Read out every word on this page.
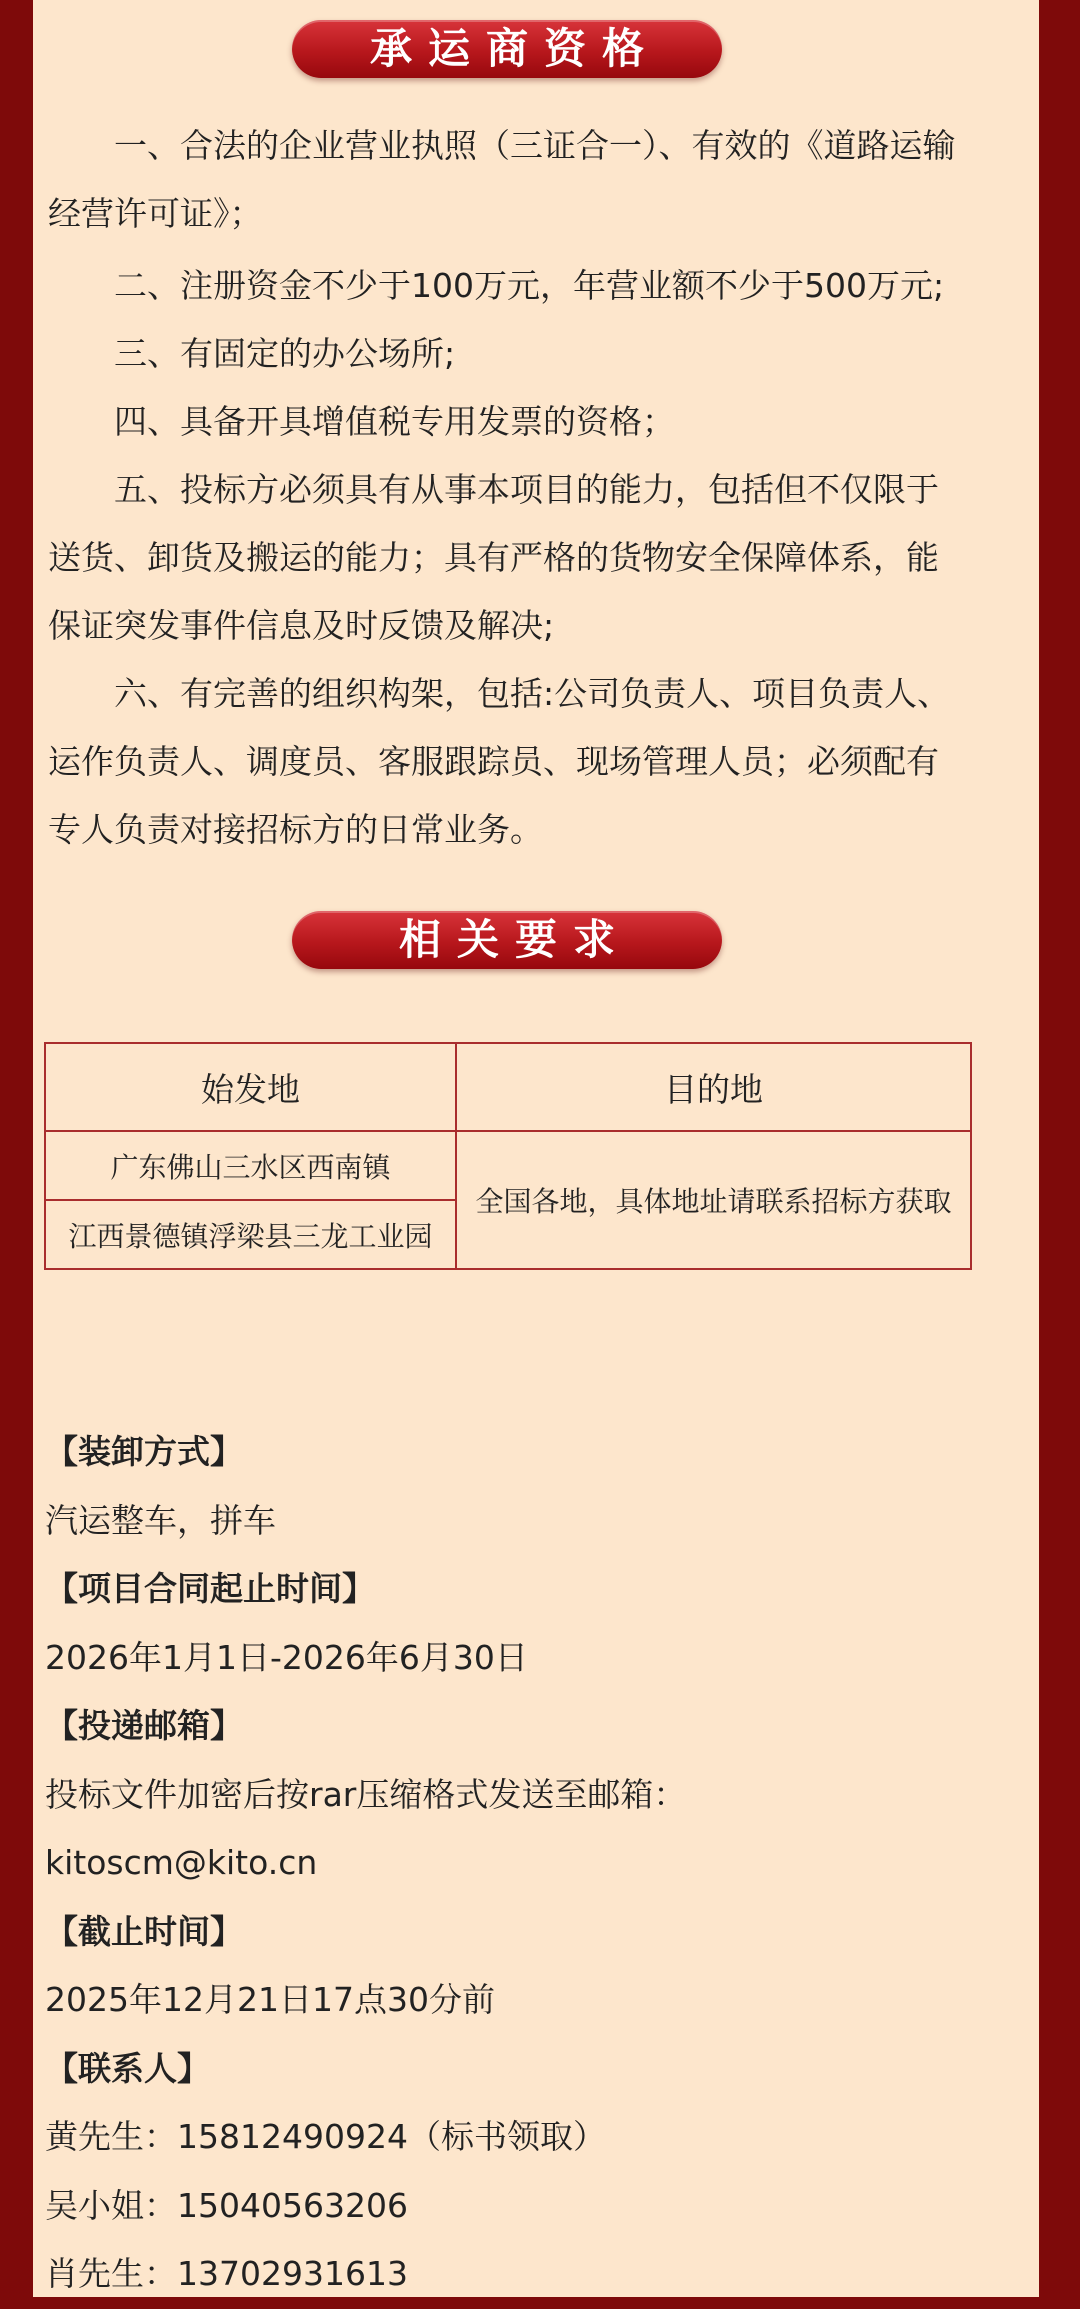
承运商资格

一、合法的企业营业执照（三证合一）、有效的《道路运输经营许可证》；

二、注册资金不少于100万元，年营业额不少于500万元;

三、有固定的办公场所;

四、具备开具增值税专用发票的资格；

五、投标方必须具有从事本项目的能力，包括但不仅限于送货、卸货及搬运的能力；具有严格的货物安全保障体系，能保证突发事件信息及时反馈及解决;

六、有完善的组织构架，包括:公司负责人、项目负责人、运作负责人、调度员、客服跟踪员、现场管理人员；必须配有专人负责对接招标方的日常业务。

相关要求
始发地	目的地
广东佛山三水区西南镇	全国各地，具体地址请联系招标方获取
江西景德镇浮梁县三龙工业园	
【装卸方式】
汽运整车，拼车
【项目合同起止时间】
2026年1月1日-2026年6月30日
【投递邮箱】
投标文件加密后按rar压缩格式发送至邮箱：
kitoscm@kito.cn
【截止时间】
2025年12月21日17点30分前
【联系人】
黄先生：15812490924（标书领取）
吴小姐：15040563206
肖先生：13702931613
